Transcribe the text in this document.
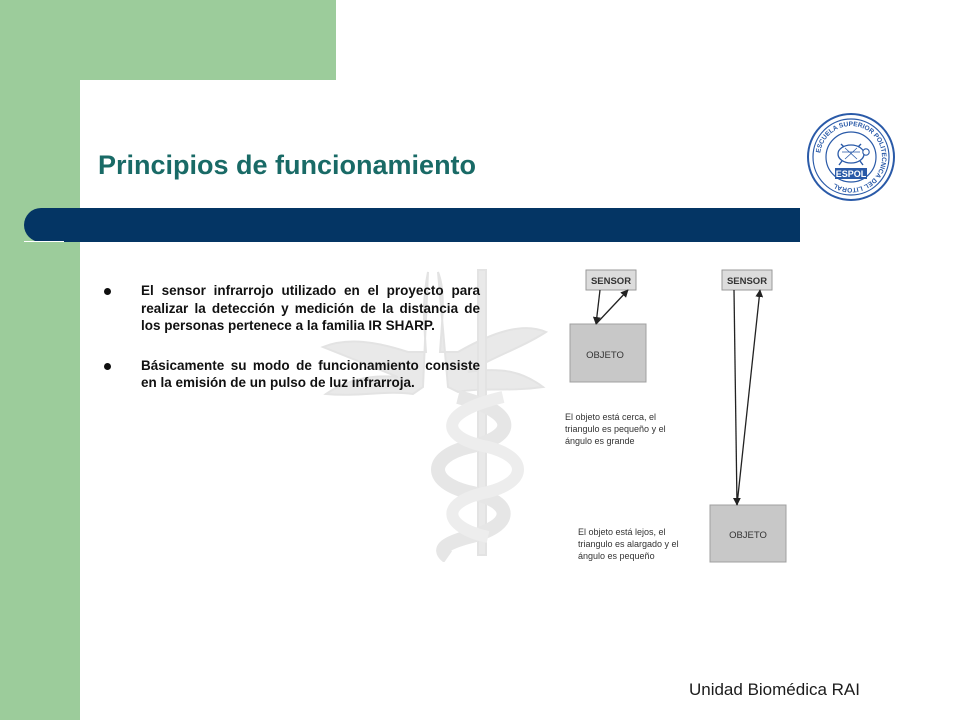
Principios de funcionamiento	ESCUELA SUPERIOR POLITECNICA DEL LITORAL
ESPOL
El sensor infrarrojo utilizado en el proyecto para realizar la detección y medición de la distancia de los personas pertenece a la familia IR SHARP.
Básicamente su modo de funcionamiento consiste en la emisión de un pulso de luz infrarroja.
SENSOR
OBJETO
El objeto está cerca, el triangulo es pequeño y el ángulo es grande
SENSOR
OBJETO
El objeto está lejos, el triangulo es alargado y el ángulo es pequeño

Unidad Biomédica RAI
